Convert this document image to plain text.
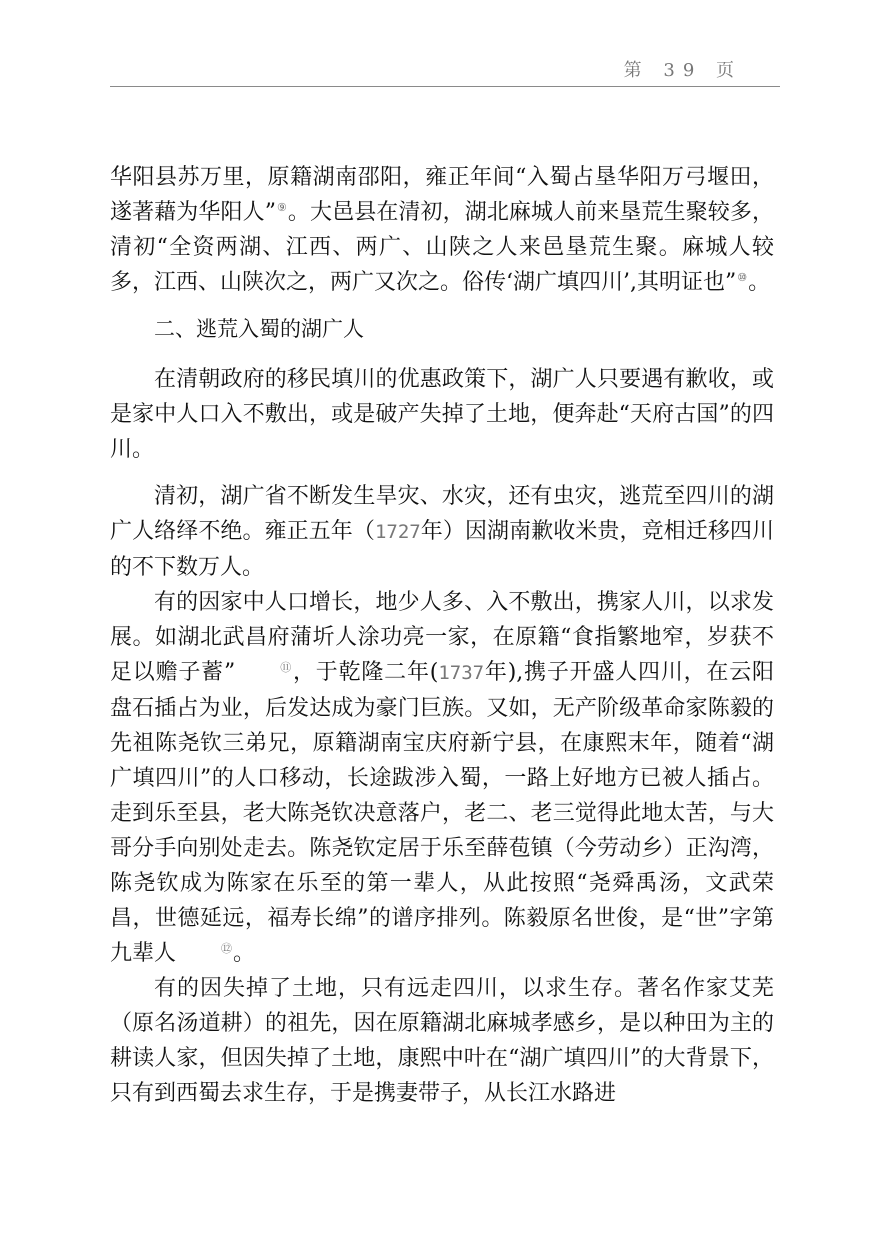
第 39 页

华阳县苏万里，原籍湖南邵阳，雍正年间“入蜀占垦华阳万弓堰田，遂著藉为华阳人”⑨。大邑县在清初，湖北麻城人前来垦荒生聚较多，清初“全资两湖、江西、两广、山陕之人来邑垦荒生聚。麻城人较多，江西、山陕次之，两广又次之。俗传‘湖广填四川’,其明证也”⑩。

二、逃荒入蜀的湖广人

在清朝政府的移民填川的优惠政策下，湖广人只要遇有歉收，或是家中人口入不敷出，或是破产失掉了土地，便奔赴“天府古国”的四川。

清初，湖广省不断发生旱灾、水灾，还有虫灾，逃荒至四川的湖广人络绎不绝。雍正五年（1727年）因湖南歉收米贵，竞相迁移四川的不下数万人。

有的因家中人口增长，地少人多、入不敷出，携家人川，以求发展。如湖北武昌府蒲圻人涂功亮一家，在原籍“食指繁地窄，岁获不足以赡子蓄”	⑪，于乾隆二年(1737年),携子开盛人四川，在云阳盘石插占为业，后发达成为豪门巨族。又如，无产阶级革命家陈毅的先祖陈尧钦三弟兄，原籍湖南宝庆府新宁县，在康熙末年，随着“湖广填四川”的人口移动，长途跋涉入蜀，一路上好地方已被人插占。走到乐至县，老大陈尧钦决意落户，老二、老三觉得此地太苦，与大哥分手向别处走去。陈尧钦定居于乐至薛苞镇（今劳动乡）正沟湾，陈尧钦成为陈家在乐至的第一辈人，从此按照“尧舜禹汤，文武荣昌，世德延远，福寿长绵”的谱序排列。陈毅原名世俊，是“世”字第九辈人	⑫。

有的因失掉了土地，只有远走四川，以求生存。著名作家艾芜（原名汤道耕）的祖先，因在原籍湖北麻城孝感乡，是以种田为主的耕读人家，但因失掉了土地，康熙中叶在“湖广填四川”的大背景下，只有到西蜀去求生存，于是携妻带子，从长江水路进
